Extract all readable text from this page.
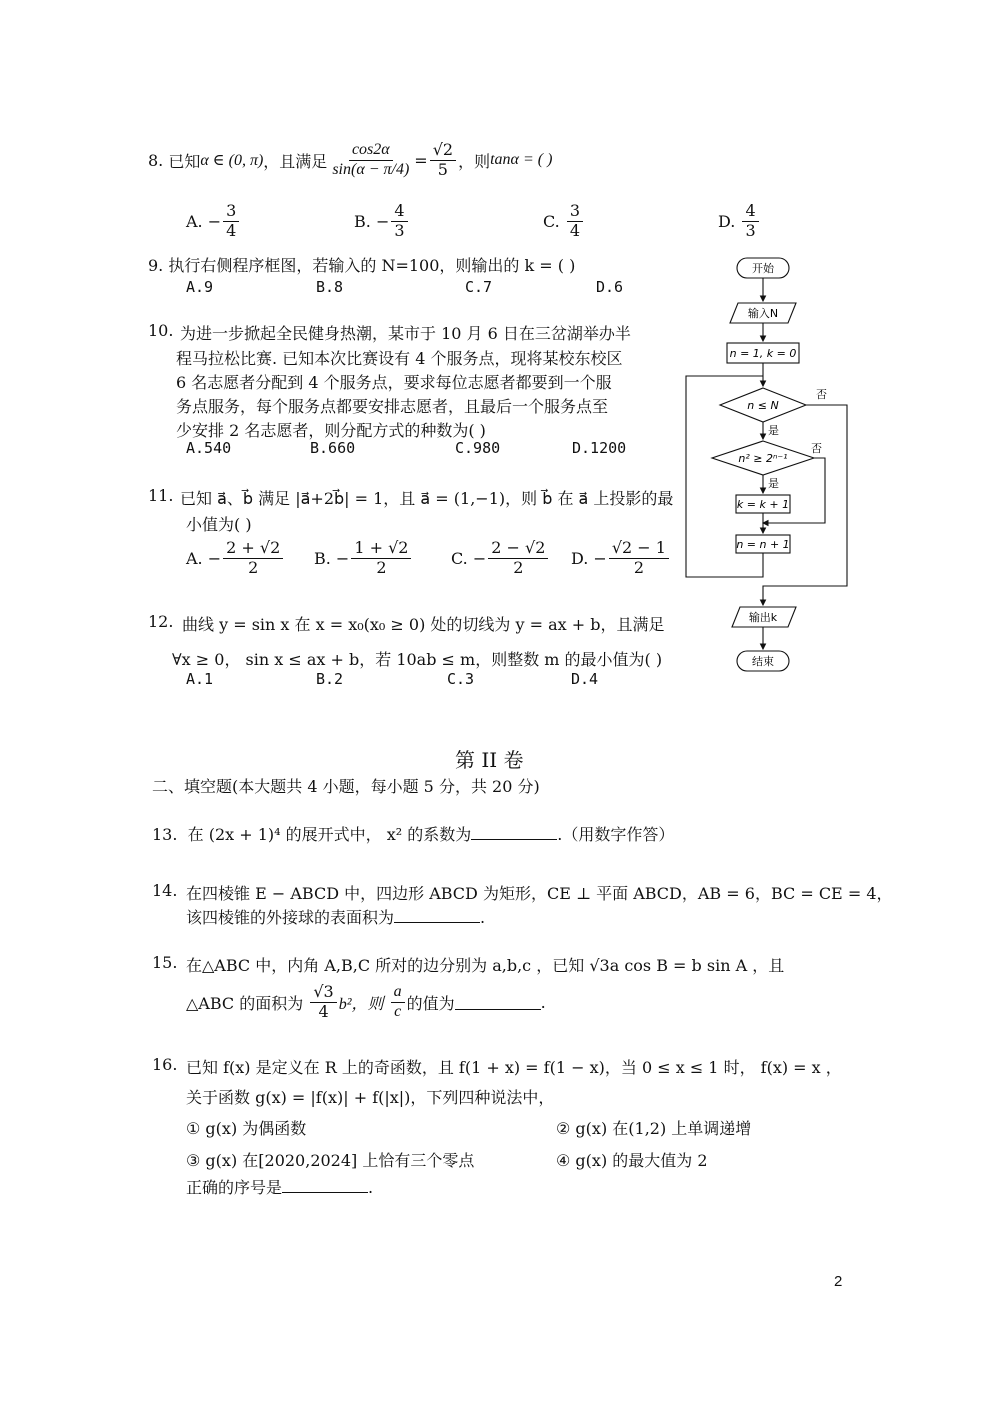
8.
已知 α ∈ (0, π) ，且满足 $\frac{\cos 2\alpha}{\sin(\alpha - \pi/4)} = \frac{√2}{5}$ ，则 tanα = ( )
A.
− $\frac{3}{4}$	B.
− $\frac{4}{3}$	C.
$\frac{3}{4}$	D.
$\frac{4}{3}$
9. 执行右侧程序框图，若输入的 N=100，则输出的 k = ( )
A.9	B.8	C.7	D.6
10. 为进一步掀起全民健身热潮，某市于 10 月 6 日在三岔湖举办半
程马拉松比赛. 已知本次比赛设有 4 个服务点，现将某校东校区
6 名志愿者分配到 4 个服务点，要求每位志愿者都要到一个服
务点服务，每个服务点都要安排志愿者，且最后一个服务点至
少安排 2 名志愿者，则分配方式的种数为( )
A.540	B.660	C.980	D.1200
11. 已知 a⃗、b⃗ 满足 |a⃗+2b⃗| = 1，且 a⃗ = (1,−1)，则 b⃗ 在 a⃗ 上投影的最
小值为( )
A. − $\frac{2 + √2}{2} B$. − $\frac{1 + √2}{2} C$. − $\frac{2 - √2}{2} D$. − $\frac{√2 - 1}{2}$
12. 曲线 y = sin x 在 x = x₀(x₀ ≥ 0) 处的切线为 y = ax + b，且满足
∀x ≥ 0， sin x ≤ ax + b，若 10ab ≤ m，则整数 m 的最小值为( )
A.1	B.2	C.3	D.4
开始
输入N
n = 1, k = 0
n ≤ N
n² ≥ 2ⁿ⁻¹
k = k + 1
n = n + 1
输出k
结束
是
是
否
否
第 II 卷
二、填空题(本大题共 4 小题，每小题 5 分，共 20 分)
13. 在 (2x + 1)⁴ 的展开式中， x² 的系数为	.（用数字作答）
14. 在四棱锥 E − ABCD 中，四边形 ABCD 为矩形，CE ⊥ 平面 ABCD，AB = 6，BC = CE = 4，
该四棱锥的外接球的表面积为	.
15. 在△ABC 中，内角 A,B,C 所对的边分别为 a,b,c ，已知 √3a cos B = b sin A ，且
△ABC 的面积为
$\frac{√3}{4} b^2$，则
$\frac{a}{c}$ 的值为	.
16. 已知 f(x) 是定义在 R 上的奇函数，且 f(1 + x) = f(1 − x)，当 0 ≤ x ≤ 1 时， f(x) = x ，
关于函数 g(x) = |f(x)| + f(|x|)，下列四种说法中，
① g(x) 为偶函数	② g(x) 在(1,2) 上单调递增
③ g(x) 在[2020,2024] 上恰有三个零点	④ g(x) 的最大值为 2
正确的序号是	.
2
